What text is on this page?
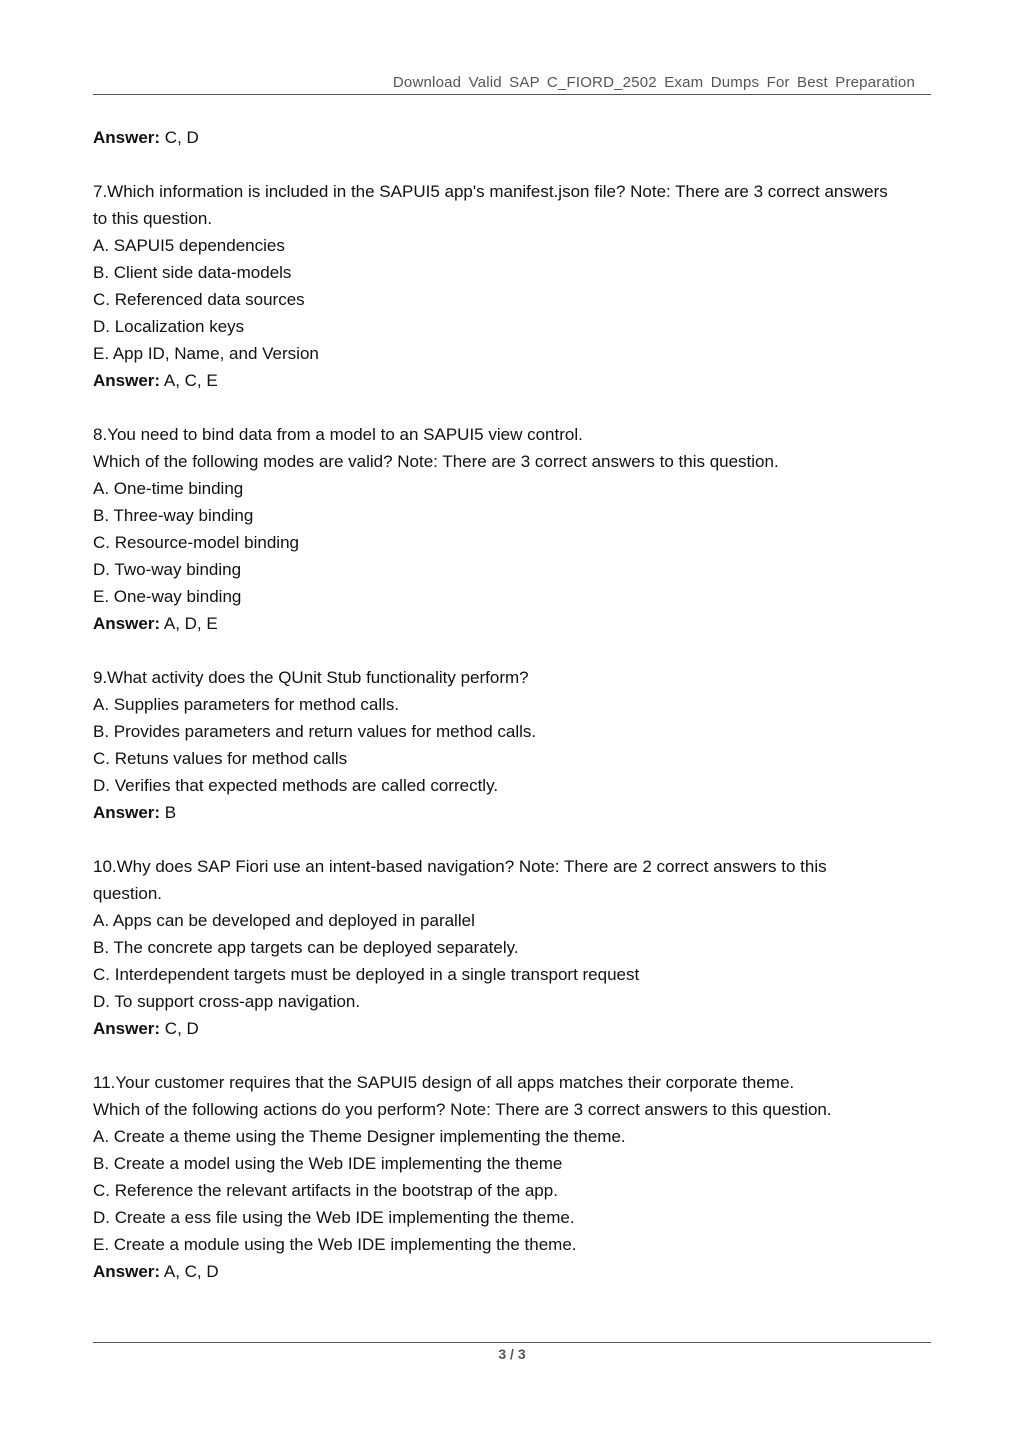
Download Valid SAP C_FIORD_2502 Exam Dumps For Best Preparation
Answer: C, D
7.Which information is included in the SAPUI5 app's manifest.json file? Note: There are 3 correct answers
to this question.
A. SAPUI5 dependencies
B. Client side data-models
C. Referenced data sources
D. Localization keys
E. App ID, Name, and Version
Answer: A, C, E
8.You need to bind data from a model to an SAPUI5 view control.
Which of the following modes are valid? Note: There are 3 correct answers to this question.
A. One-time binding
B. Three-way binding
C. Resource-model binding
D. Two-way binding
E. One-way binding
Answer: A, D, E
9.What activity does the QUnit Stub functionality perform?
A. Supplies parameters for method calls.
B. Provides parameters and return values for method calls.
C. Retuns values for method calls
D. Verifies that expected methods are called correctly.
Answer: B
10.Why does SAP Fiori use an intent-based navigation? Note: There are 2 correct answers to this
question.
A. Apps can be developed and deployed in parallel
B. The concrete app targets can be deployed separately.
C. Interdependent targets must be deployed in a single transport request
D. To support cross-app navigation.
Answer: C, D
11.Your customer requires that the SAPUI5 design of all apps matches their corporate theme.
Which of the following actions do you perform? Note: There are 3 correct answers to this question.
A. Create a theme using the Theme Designer implementing the theme.
B. Create a model using the Web IDE implementing the theme
C. Reference the relevant artifacts in the bootstrap of the app.
D. Create a ess file using the Web IDE implementing the theme.
E. Create a module using the Web IDE implementing the theme.
Answer: A, C, D
3 / 3
